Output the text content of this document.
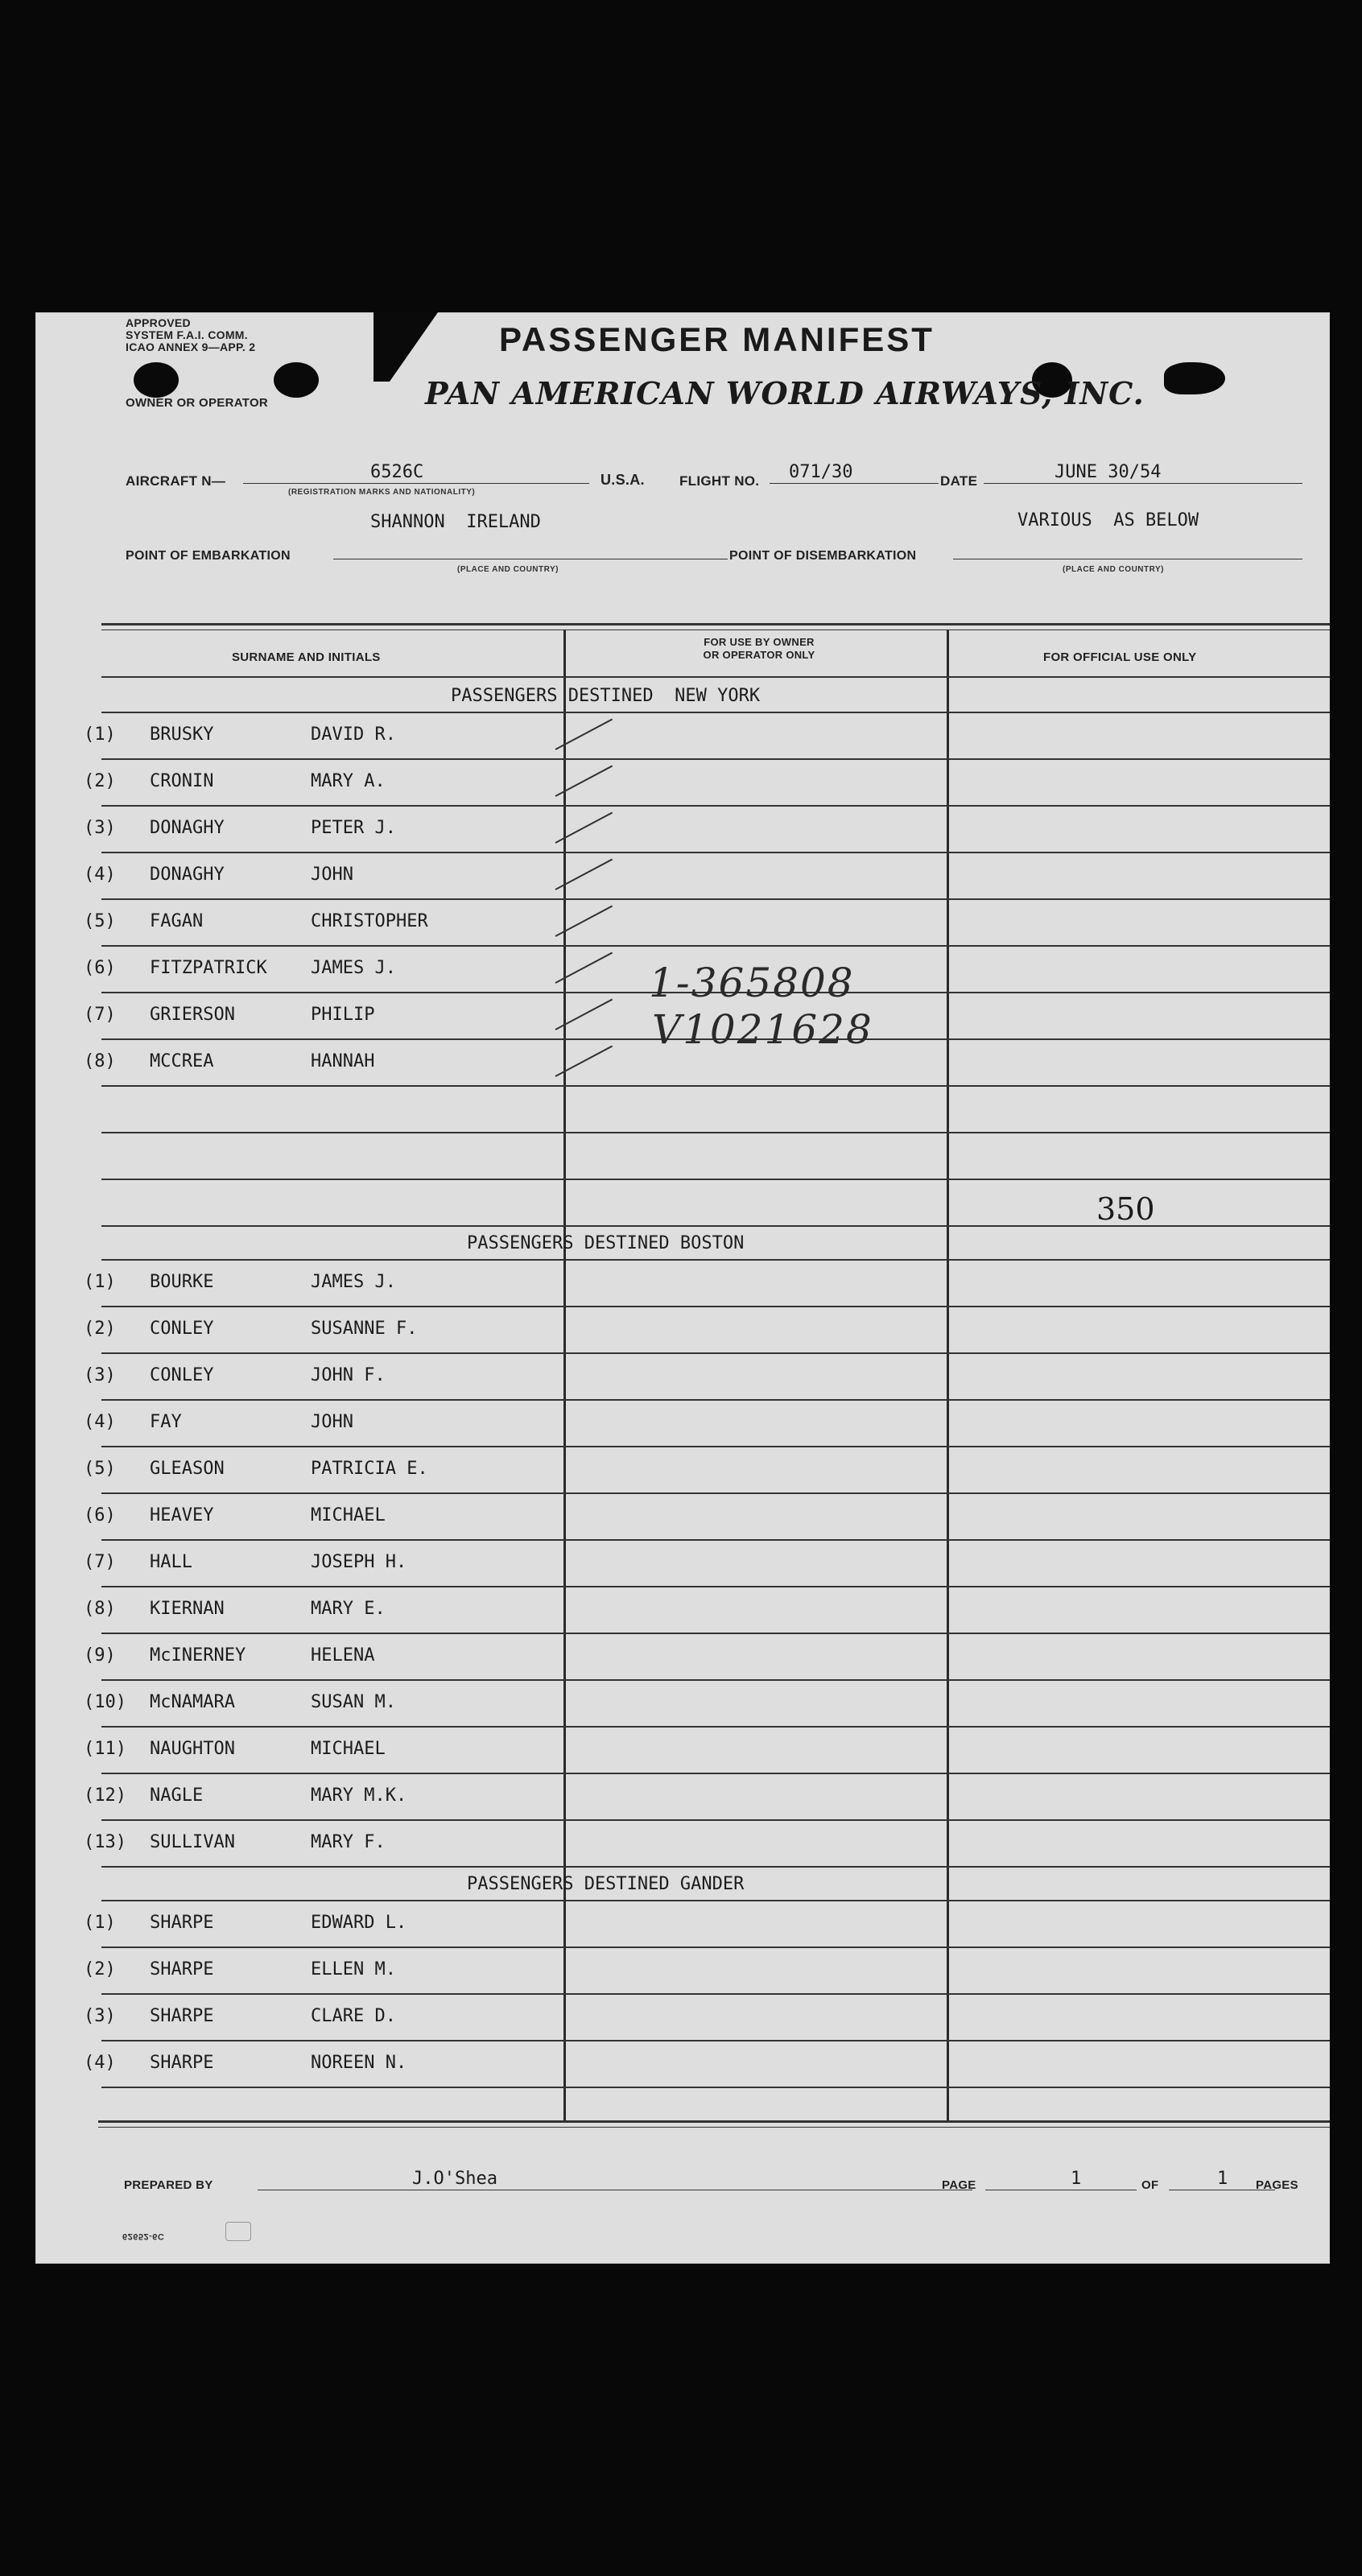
APPROVED
SYSTEM F.A.I. COMM.
ICAO ANNEX 9—APP. 2	PASSENGER MANIFEST
OWNER OR OPERATOR	PAN AMERICAN WORLD AIRWAYS, INC.
AIRCRAFT N—	6526C
(REGISTRATION MARKS AND NATIONALITY)
U.S.A.	FLIGHT NO. 071/30	DATE	JUNE 30/54
SHANNON  IRELAND	VARIOUS  AS BELOW
POINT OF EMBARKATION	POINT OF DISEMBARKATION
(PLACE AND COUNTRY)	(PLACE AND COUNTRY)
SURNAME AND INITIALS
FOR USE BY OWNER
OR OPERATOR ONLY	FOR OFFICIAL USE ONLY
PASSENGERS DESTINED  NEW YORK
(1) BRUSKY	DAVID R.
(2) CRONIN	MARY A.
(3) DONAGHY	PETER J.
(4) DONAGHY	JOHN
(5) FAGAN	CHRISTOPHER
(6) FITZPATRICK JAMES J.
(7) GRIERSON	PHILIP
(8) MCCREA	HANNAH
PASSENGERS DESTINED BOSTON
(1) BOURKE	JAMES J.
(2) CONLEY	SUSANNE F.
(3) CONLEY	JOHN F.
(4) FAY	JOHN
(5) GLEASON	PATRICIA E.
(6) HEAVEY	MICHAEL
(7) HALL	JOSEPH H.
(8) KIERNAN	MARY E.
(9) McINERNEY	HELENA
(10) McNAMARA	SUSAN M.
(11) NAUGHTON	MICHAEL
(12) NAGLE	MARY M.K.
(13) SULLIVAN	MARY F.
PASSENGERS DESTINED GANDER
(1) SHARPE	EDWARD L.
(2) SHARPE	ELLEN M.
(3) SHARPE	CLARE D.
(4) SHARPE	NOREEN N.
350
1-365808
V1021628
PREPARED BY	J.O'Shea	PAGE	1	OF	1 PAGES
62652-6C
